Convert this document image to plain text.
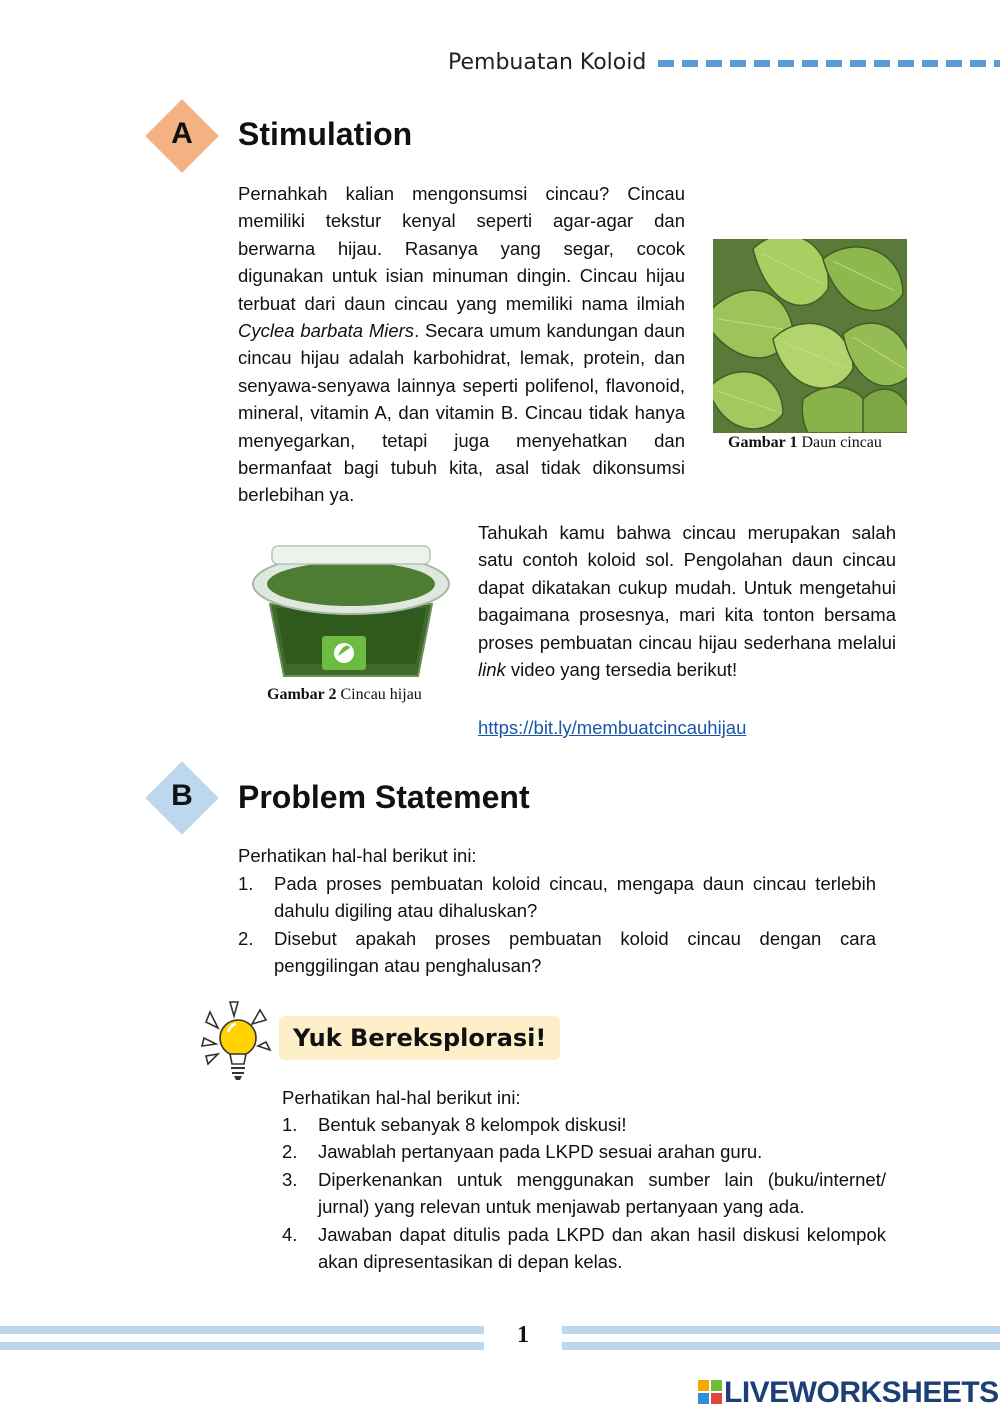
Pembuatan Koloid
A	Stimulation

Pernahkah kalian mengonsumsi cincau? Cincau memiliki tekstur kenyal seperti agar-agar dan berwarna hijau. Rasanya yang segar, cocok digunakan untuk isian minuman dingin. Cincau hijau terbuat dari daun cincau yang memiliki nama ilmiah Cyclea barbata Miers. Secara umum kandungan daun cincau hijau adalah karbohidrat, lemak, protein, dan senyawa-senyawa lainnya seperti polifenol, flavonoid, mineral, vitamin A, dan vitamin B. Cincau tidak hanya menyegarkan, tetapi juga menyehatkan dan bermanfaat bagi tubuh kita, asal tidak dikonsumsi berlebihan ya.

Gambar 1 Daun cincau
Gambar 2 Cincau hijau

Tahukah kamu bahwa cincau merupakan salah satu contoh koloid sol. Pengolahan daun cincau dapat dikatakan cukup mudah. Untuk mengetahui bagaimana prosesnya, mari kita tonton bersama proses pembuatan cincau hijau sederhana melalui link video yang tersedia berikut!

https://bit.ly/membuatcincauhijau
B	Problem Statement
Perhatikan hal-hal berikut ini:
1. Pada proses pembuatan koloid cincau, mengapa daun cincau terlebih dahulu digiling atau dihaluskan?
2. Disebut apakah proses pembuatan koloid cincau dengan cara penggilingan atau penghalusan?
Yuk Bereksplorasi!
Perhatikan hal-hal berikut ini:
1. Bentuk sebanyak 8 kelompok diskusi!
2. Jawablah pertanyaan pada LKPD sesuai arahan guru.
3. Diperkenankan untuk menggunakan sumber lain (buku/internet/ jurnal) yang relevan untuk menjawab pertanyaan yang ada.
4. Jawaban dapat ditulis pada LKPD dan akan hasil diskusi kelompok akan dipresentasikan di depan kelas.
1
LIVEWORKSHEETS
